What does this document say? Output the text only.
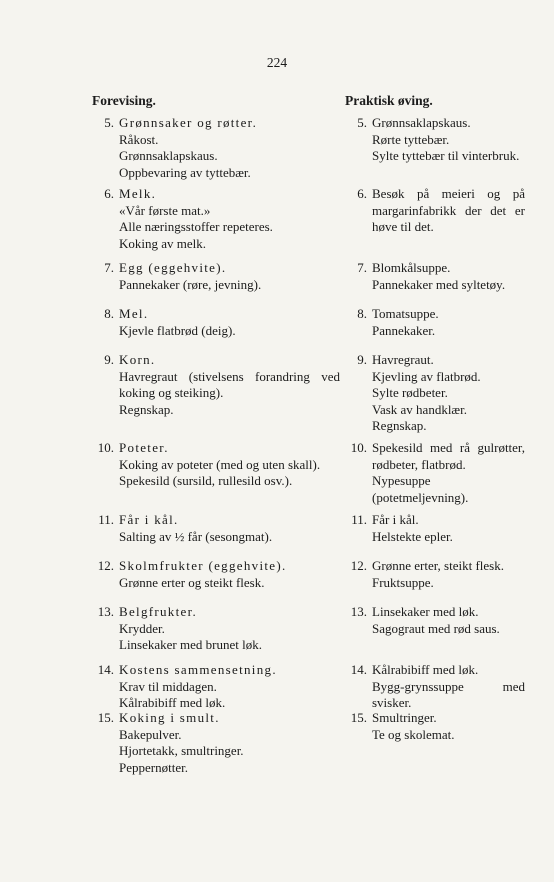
224
Forevising.
5. Grønnsaker og røtter.
Råkost.
Grønnsaklapskaus.
Oppbevaring av tyttebær.
6. Melk.
«Vår første mat.»
Alle næringsstoffer repeteres.
Koking av melk.
7. Egg (eggehvite).
Pannekaker (røre, jevning).
8. Mel.
Kjevle flatbrød (deig).
9. Korn.
Havregraut (stivelsens forandring ved koking og steiking).
Regnskap.
10. Poteter.
Koking av poteter (med og uten skall).
Spekesild (sursild, rullesild osv.).
11. Får i kål.
Salting av ½ får (sesongmat).
12. Skolmfrukter (eggehvite).
Grønne erter og steikt flesk.
13. Belgfrukter.
Krydder.
Linsekaker med brunet løk.
14. Kostens sammensetning.
Krav til middagen.
Kålrabibiff med løk.
15. Koking i smult.
Bakepulver.
Hjortetakk, smultringer.
Peppernøtter.
Praktisk øving.
5. Grønnsaklapskaus.
Rørte tyttebær.
Sylte tyttebær til vinterbruk.
6. Besøk på meieri og på margarinfabrikk der det er høve til det.
7. Blomkålsuppe.
Pannekaker med syltetøy.
8. Tomatsuppe.
Pannekaker.
9. Havregraut.
Kjevling av flatbrød.
Sylte rødbeter.
Vask av handklær.
Regnskap.
10. Spekesild med rå gulrøtter, rødbeter, flatbrød.
Nypesuppe (potetmeljevning).
11. Får i kål.
Helstekte epler.
12. Grønne erter, steikt flesk.
Fruktsuppe.
13. Linsekaker med løk.
Sagograut med rød saus.
14. Kålrabibiff med løk.
Bygg-grynssuppe med svisker.
15. Smultringer.
Te og skolemat.
